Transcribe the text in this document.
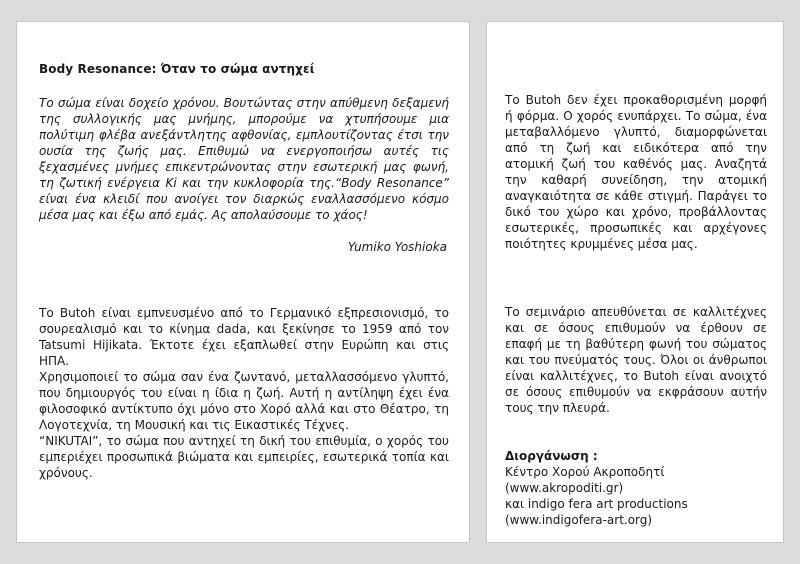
Body Resonance: Όταν το σώμα αντηχεί

Το σώμα είναι δοχείο χρόνου. Βουτώντας στην απύθμενη δεξαμενή της συλλογικής μας μνήμης, μπορούμε να χτυπήσουμε μια πολύτιμη φλέβα ανεξάντλητης αφθονίας, εμπλουτίζοντας έτσι την ουσία της ζωής μας. Επιθυμώ να ενεργοποιήσω αυτές τις ξεχασμένες μνήμες επικεντρώνοντας στην εσωτερική μας φωνή, τη ζωτική ενέργεια Κi και την κυκλοφορία της.“Body Resonance” είναι ένα κλειδί που ανοίγει τον διαρκώς εναλλασσόμενο κόσμο μέσα μας και έξω από εμάς. Ας απολαύσουμε το χάος!

Yumiko Yoshioka

Το Butoh είναι εμπνευσμένο από το Γερμανικό εξπρεσιονισμό, το σουρεαλισμό και το κίνημα dada, και ξεκίνησε το 1959 από τον Tatsumi Hijikata. Έκτοτε έχει εξαπλωθεί στην Ευρώπη και στις ΗΠΑ.

Χρησιμοποιεί το σώμα σαν ένα ζωντανό, μεταλλασσόμενο γλυπτό, που δημιουργός του είναι η ίδια η ζωή. Αυτή η αντίληψη έχει ένα φιλοσοφικό αντίκτυπο όχι μόνο στο Χορό αλλά και στο Θέατρο, τη Λογοτεχνία, τη Μουσική και τις Εικαστικές Τέχνες.

“NIKUTAI”, το σώμα που αντηχεί τη δική του επιθυμία, ο χορός του εμπεριέχει προσωπικά βιώματα και εμπειρίες, εσωτερικά τοπία και χρόνους.

Το Butoh δεν έχει προκαθορισμένη μορφή ή φόρμα. Ο χορός ενυπάρχει. Το σώμα, ένα μεταβαλλόμενο γλυπτό, διαμορφώνεται από τη ζωή και ειδικότερα από την ατομική ζωή του καθένός μας. Αναζητά την καθαρή συνείδηση, την ατομική αναγκαιότητα σε κάθε στιγμή. Παράγει το δικό του χώρο και χρόνο, προβάλλοντας εσωτερικές, προσωπικές και αρχέγονες ποιότητες κρυμμένες μέσα μας.
Το σεμινάριο απευθύνεται σε καλλιτέχνες και σε όσους επιθυμούν να έρθουν σε επαφή με τη βαθύτερη φωνή του σώματος και του πνεύματός τους. Όλοι οι άνθρωποι είναι καλλιτέχνες, το Butoh είναι ανοιχτό σε όσους επιθυμούν να εκφράσουν αυτήν τους την πλευρά.
Διοργάνωση :
Κέντρο Χορού Ακροποδητί
(www.akropoditi.gr)
και indigo fera art productions
(www.indigofera-art.org)
